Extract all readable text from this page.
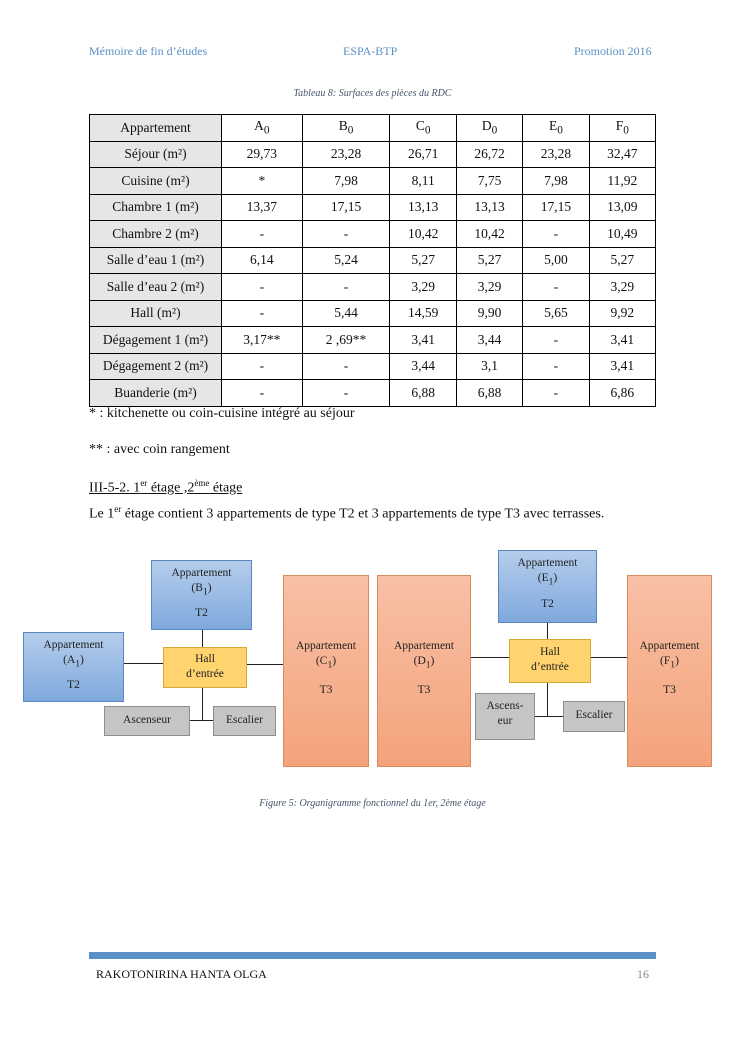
Mémoire de fin d’études	ESPA-BTP	Promotion 2016
Tableau 8: Surfaces des pièces du RDC
Appartement	$A_0$	$B_0$	$C_0$	$D_0$	$E_0$	$F_0$
Séjour (m²)	29,73	23,28	26,71	26,72	23,28	32,47
Cuisine (m²)	*	7,98	8,11	7,75	7,98	11,92
Chambre 1 (m²)	13,37	17,15	13,13	13,13	17,15	13,09
Chambre 2 (m²)	-	-	10,42	10,42	-	10,49
Salle d’eau 1 (m²)	6,14	5,24	5,27	5,27	5,00	5,27
Salle d’eau 2 (m²)	-	-	3,29	3,29	-	3,29
Hall (m²)	-	5,44	14,59	9,90	5,65	9,92
Dégagement 1 (m²)	3,17**	2 ,69**	3,41	3,44	-	3,41
Dégagement 2 (m²)	-	-	3,44	3,1	-	3,41
Buanderie (m²)	-	-	6,88	6,88	-	6,86
* : kitchenette ou coin-cuisine intégré au séjour
** : avec coin rangement
III-5-2. 1er étage ,2ème étage
Le 1er étage contient 3 appartements de type T2 et 3 appartements de type T3 avec terrasses.
Appartement
$(B_1)$
T2
Appartement
$(A_1)$
T2
Hall
d’entrée
Ascenseur	Escalier
Appartement
$(C_1)$
T3
Appartement
$(D_1)$
T3
Appartement
$(E_1)$
T2
Hall
d’entrée
Ascens-
eur	Escalier
Appartement
$(F_1)$
T3
Figure 5: Organigramme fonctionnel du 1er, 2ème étage
RAKOTONIRINA HANTA OLGA	16
